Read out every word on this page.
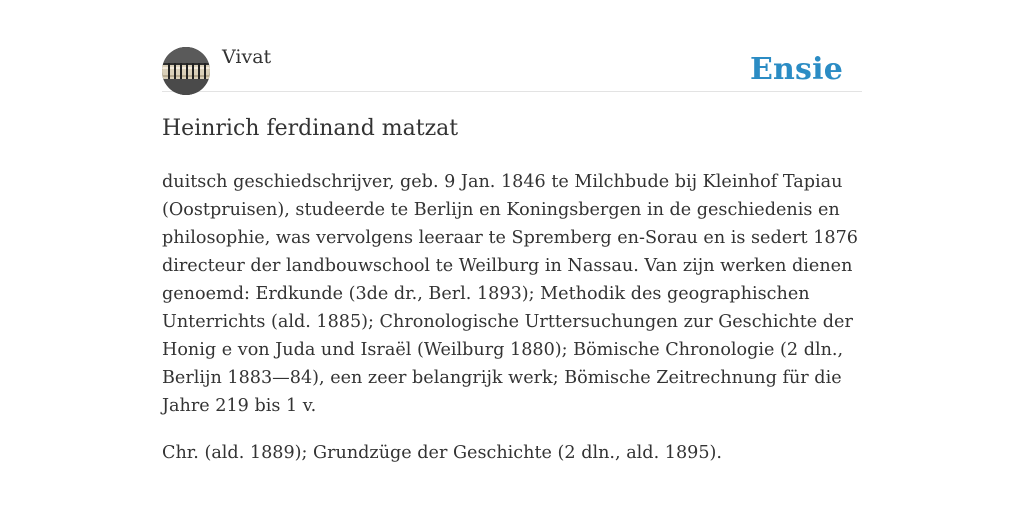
Vivat	Ensie
Heinrich ferdinand matzat

duitsch geschiedschrijver, geb. 9 Jan. 1846 te Milchbude bij Kleinhof Tapiau (Oostpruisen), studeerde te Berlijn en Koningsbergen in de geschiedenis en philosophie, was vervolgens leeraar te Spremberg en-Sorau en is sedert 1876 directeur der landbouwschool te Weilburg in Nassau. Van zijn werken dienen genoemd: Erdkunde (3de dr., Berl. 1893); Methodik des geographischen Unterrichts (ald. 1885); Chronologische Urttersuchungen zur Geschichte der Honig e von Juda und Israël (Weilburg 1880); Bömische Chronologie (2 dln., Berlijn 1883—84), een zeer belangrijk werk; Bömische Zeitrechnung für die Jahre 219 bis 1 v.

Chr. (ald. 1889); Grundzüge der Geschichte (2 dln., ald. 1895).
